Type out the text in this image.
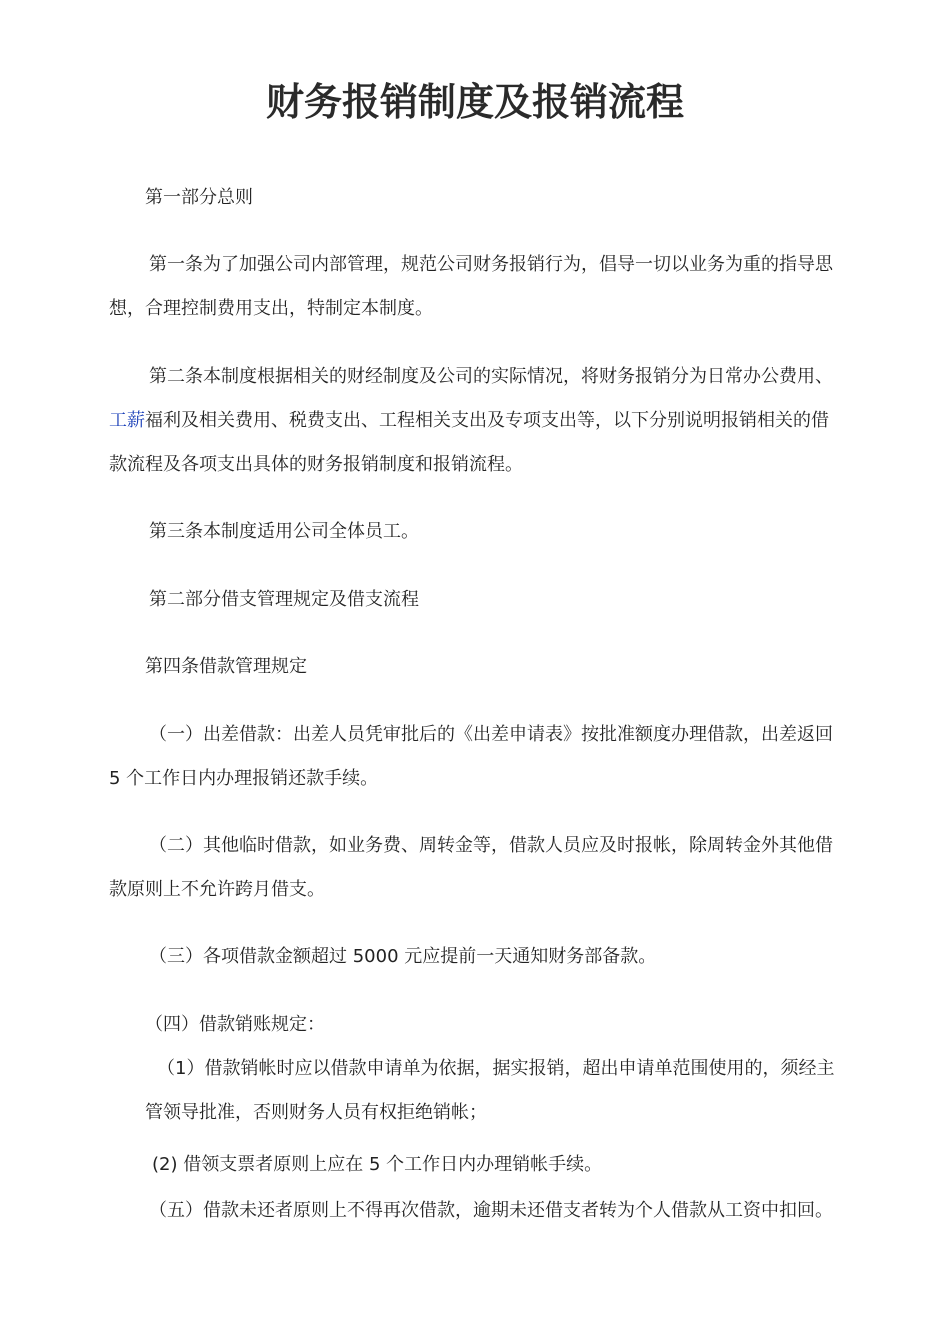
财务报销制度及报销流程

第一部分总则

第一条为了加强公司内部管理，规范公司财务报销行为，倡导一切以业务为重的指导思想，合理控制费用支出，特制定本制度。

第二条本制度根据相关的财经制度及公司的实际情况，将财务报销分为日常办公费用、工薪福利及相关费用、税费支出、工程相关支出及专项支出等，以下分别说明报销相关的借款流程及各项支出具体的财务报销制度和报销流程。

第三条本制度适用公司全体员工。

第二部分借支管理规定及借支流程

第四条借款管理规定

（一）出差借款：出差人员凭审批后的《出差申请表》按批准额度办理借款，出差返回 5 个工作日内办理报销还款手续。

（二）其他临时借款，如业务费、周转金等，借款人员应及时报帐，除周转金外其他借款原则上不允许跨月借支。

（三）各项借款金额超过 5000 元应提前一天通知财务部备款。

（四）借款销账规定：

（1）借款销帐时应以借款申请单为依据，据实报销，超出申请单范围使用的，须经主管领导批准，否则财务人员有权拒绝销帐；

(2) 借领支票者原则上应在 5 个工作日内办理销帐手续。

（五）借款未还者原则上不得再次借款，逾期未还借支者转为个人借款从工资中扣回。
